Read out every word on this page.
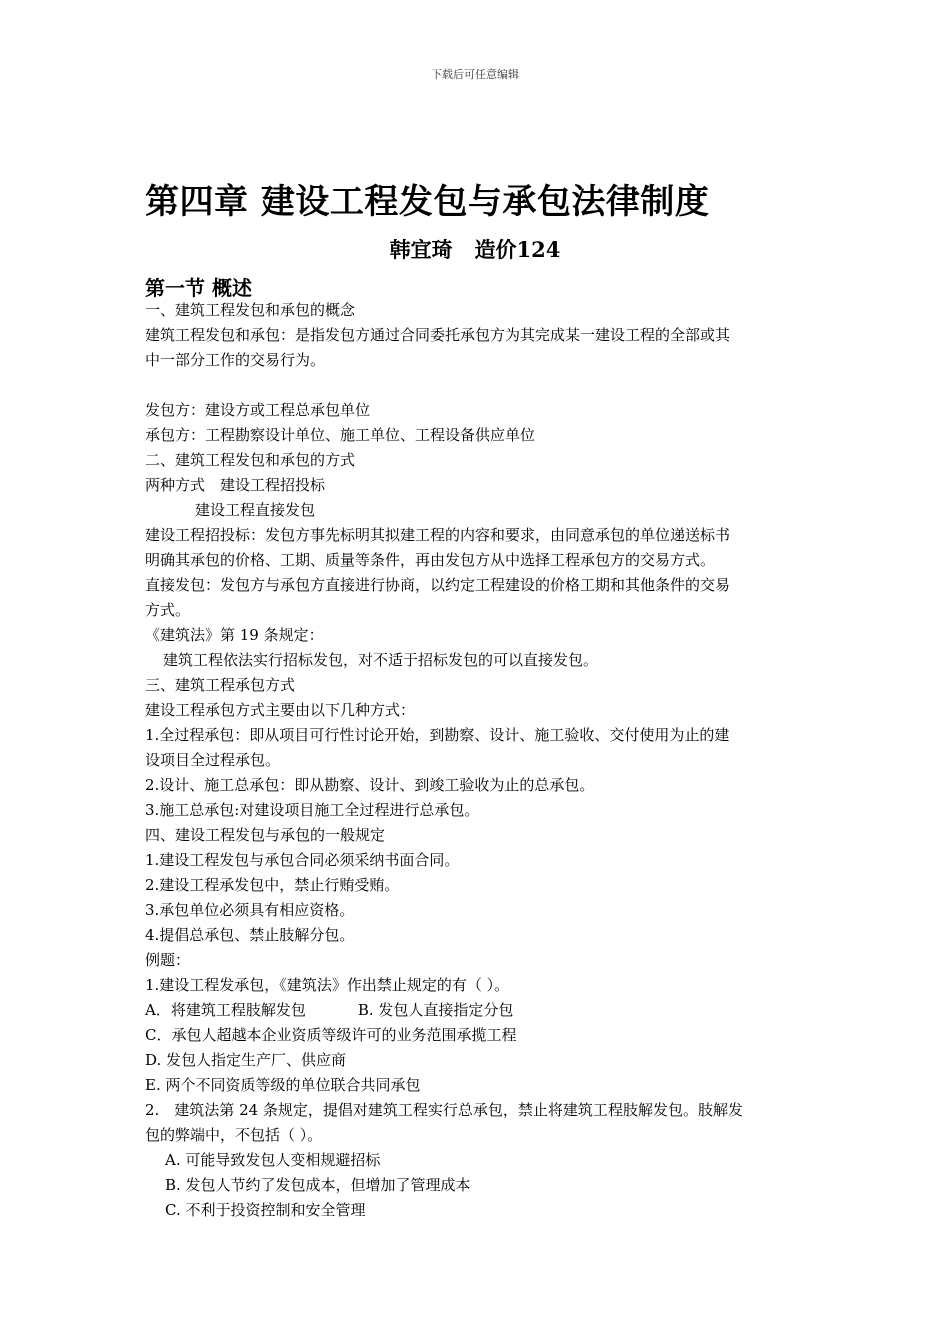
下载后可任意编辑
第四章 建设工程发包与承包法律制度
韩宜琦 造价124
第一节 概述
一、建筑工程发包和承包的概念
建筑工程发包和承包：是指发包方通过合同委托承包方为其完成某一建设工程的全部或其
中一部分工作的交易行为。
发包方：建设方或工程总承包单位
承包方：工程勘察设计单位、施工单位、工程设备供应单位
二、建筑工程发包和承包的方式
两种方式　建设工程招投标
建设工程直接发包
建设工程招投标：发包方事先标明其拟建工程的内容和要求，由同意承包的单位递送标书
明确其承包的价格、工期、质量等条件，再由发包方从中选择工程承包方的交易方式。
直接发包：发包方与承包方直接进行协商，以约定工程建设的价格工期和其他条件的交易
方式。
《建筑法》第 19 条规定：
建筑工程依法实行招标发包，对不适于招标发包的可以直接发包。
三、建筑工程承包方式
建设工程承包方式主要由以下几种方式：
1.全过程承包：即从项目可行性讨论开始，到勘察、设计、施工验收、交付使用为止的建
设项目全过程承包。
2.设计、施工总承包：即从勘察、设计、到竣工验收为止的总承包。
3.施工总承包:对建设项目施工全过程进行总承包。
四、建设工程发包与承包的一般规定
1.建设工程发包与承包合同必须采纳书面合同。
2.建设工程承发包中，禁止行贿受贿。
3.承包单位必须具有相应资格。
4.提倡总承包、禁止肢解分包。
例题：
1.建设工程发承包，《建筑法》作出禁止规定的有（ ）。
A．将建筑工程肢解发包	B. 发包人直接指定分包
C．承包人超越本企业资质等级许可的业务范围承揽工程
D. 发包人指定生产厂、供应商
E. 两个不同资质等级的单位联合共同承包
2.　建筑法第 24 条规定，提倡对建筑工程实行总承包，禁止将建筑工程肢解发包。肢解发
包的弊端中，不包括（ ）。
A. 可能导致发包人变相规避招标
B. 发包人节约了发包成本，但增加了管理成本
C. 不利于投资控制和安全管理
